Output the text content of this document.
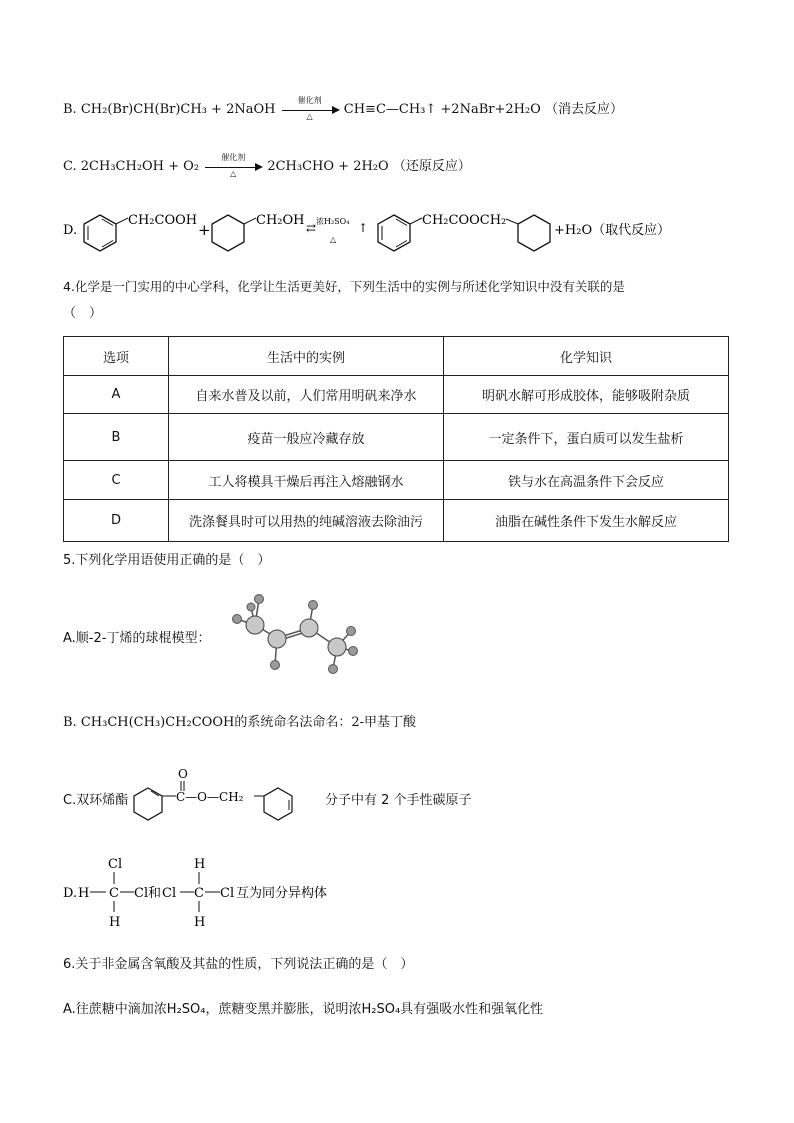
B. CH₂(Br)CH(Br)CH₃ + 2NaOH
催化剂
△	CH≡C—CH₃↑ +2NaBr+2H₂O （消去反应）
C. 2CH₃CH₂OH + O₂
催化剂
△	2CH₃CHO + 2H₂O （还原反应）
D.
CH₂COOH
+
CH₂OH ⇄ 浓H₂SO₄
△
↑	CH₂COOCH₂
+H₂O（取代反应）
4.化学是一门实用的中心学科，化学让生活更美好，下列生活中的实例与所述化学知识中没有关联的是
（　）
选项	生活中的实例	化学知识
A	自来水普及以前，人们常用明矾来净水	明矾水解可形成胶体，能够吸附杂质
B	疫苗一般应冷藏存放	一定条件下，蛋白质可以发生盐析
C	工人将模具干燥后再注入熔融钢水	铁与水在高温条件下会反应
D	洗涤餐具时可以用热的纯碱溶液去除油污	油脂在碱性条件下发生水解反应
5.下列化学用语使用正确的是（　）
A.顺-2-丁烯的球棍模型：
B. CH₃CH(CH₃)CH₂COOH的系统命名法命名：2-甲基丁酸
C.双环烯酯
O
C—O—CH₂	分子中有 2 个手性碳原子
D.
Cl
H C Cl
H
和 Cl
H
C Cl
H
互为同分异构体
6.关于非金属含氧酸及其盐的性质，下列说法正确的是（　）
A.往蔗糖中滴加浓H₂SO₄，蔗糖变黑并膨胀，说明浓H₂SO₄具有强吸水性和强氧化性
